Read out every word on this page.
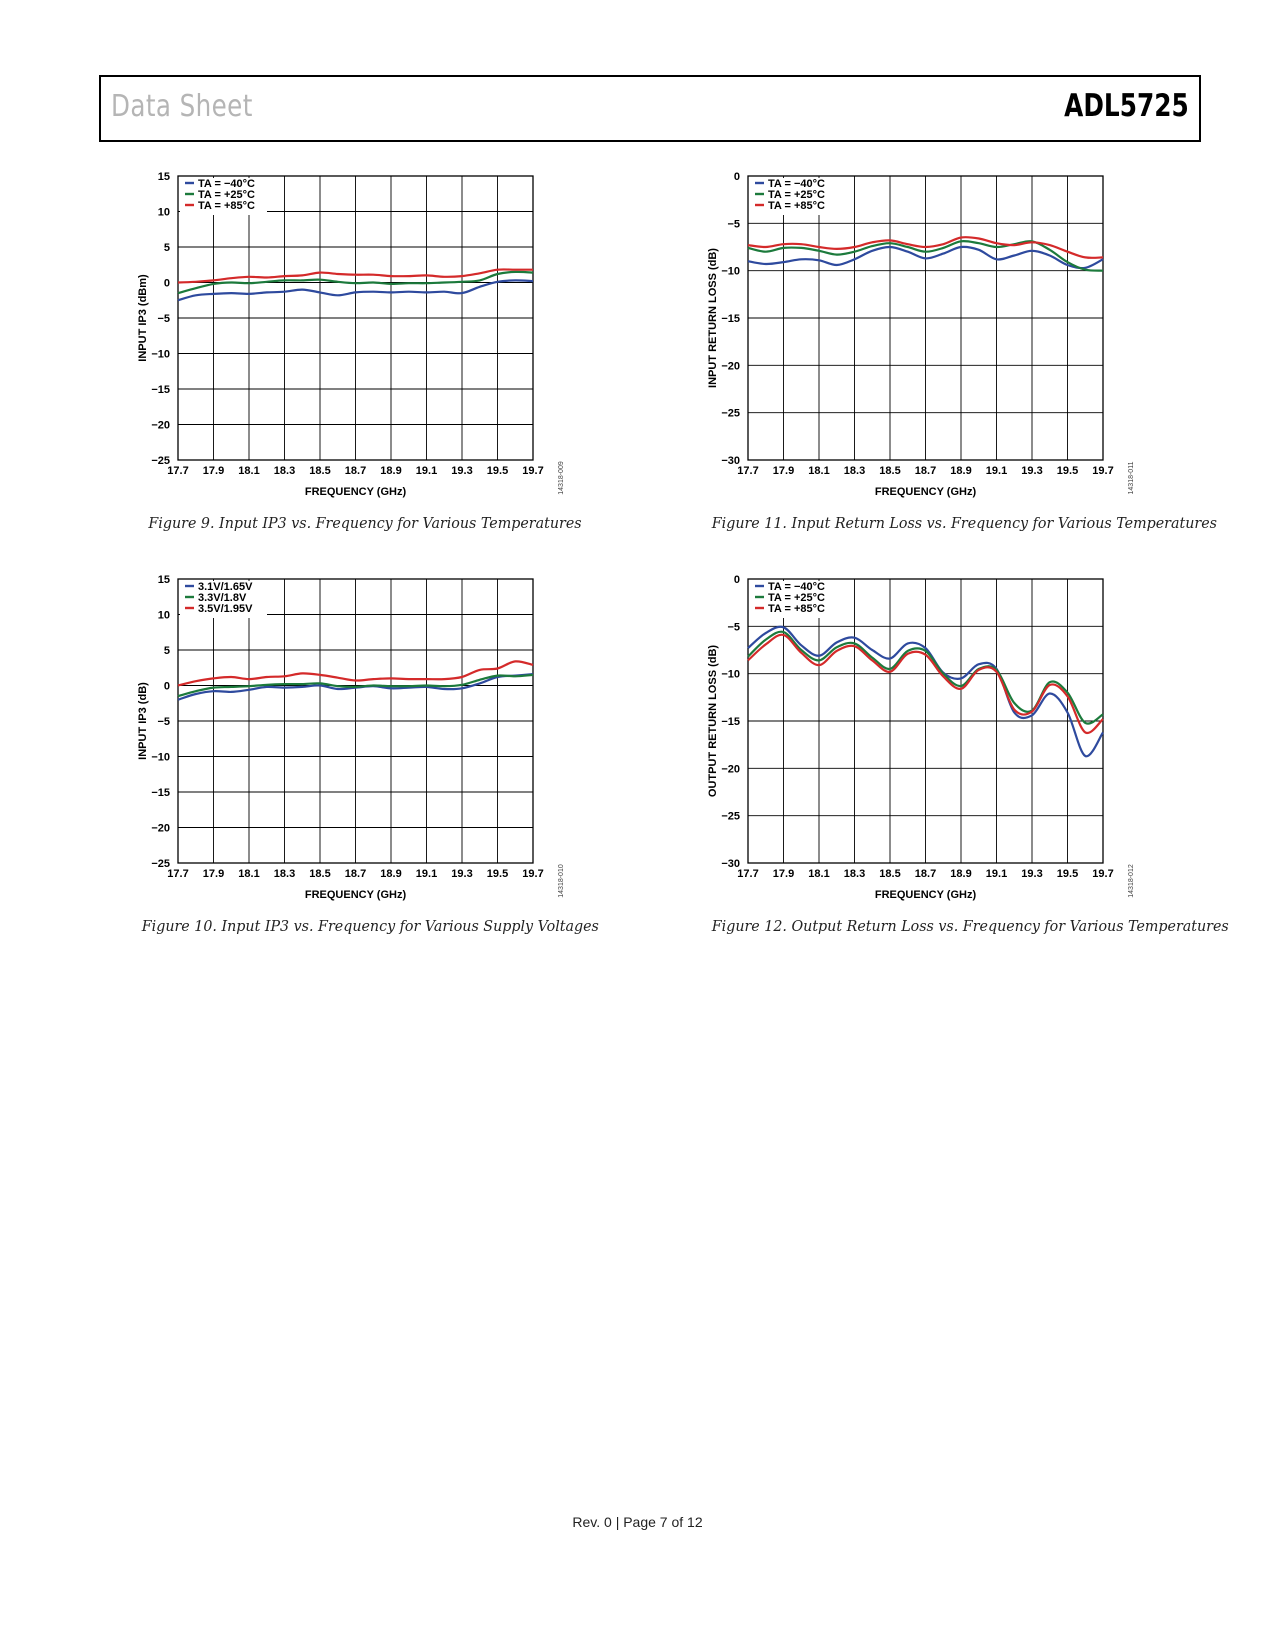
Data Sheet	ADL5725
17.7 17.9 18.1 18.3 18.5 18.7 18.9 19.1 19.3 19.5 19.7
15
10
5
0
−5
−10
−15
−20
−25
FREQUENCY (GHz)
INPUT IP3 (dBm)
14318-009
TA = −40°C
TA = +25°C
TA = +85°C
Figure 9. Input IP3 vs. Frequency for Various Temperatures
17.7 17.9 18.1 18.3 18.5 18.7 18.9 19.1 19.3 19.5 19.7
15
10
5
0
−5
−10
−15
−20
−25
FREQUENCY (GHz)
INPUT IP3 (dB)
14318-010
3.1V/1.65V
3.3V/1.8V
3.5V/1.95V
Figure 10. Input IP3 vs. Frequency for Various Supply Voltages
17.7 17.9 18.1 18.3 18.5 18.7 18.9 19.1 19.3 19.5 19.7
0
−5
−10
−15
−20
−25
−30
FREQUENCY (GHz)
INPUT RETURN LOSS (dB)
14318-011
TA = −40°C
TA = +25°C
TA = +85°C
Figure 11. Input Return Loss vs. Frequency for Various Temperatures
17.7 17.9 18.1 18.3 18.5 18.7 18.9 19.1 19.3 19.5 19.7
0
−5
−10
−15
−20
−25
−30
FREQUENCY (GHz)
OUTPUT RETURN LOSS (dB)
14318-012
TA = −40°C
TA = +25°C
TA = +85°C
Figure 12. Output Return Loss vs. Frequency for Various Temperatures
Rev. 0 | Page 7 of 12
